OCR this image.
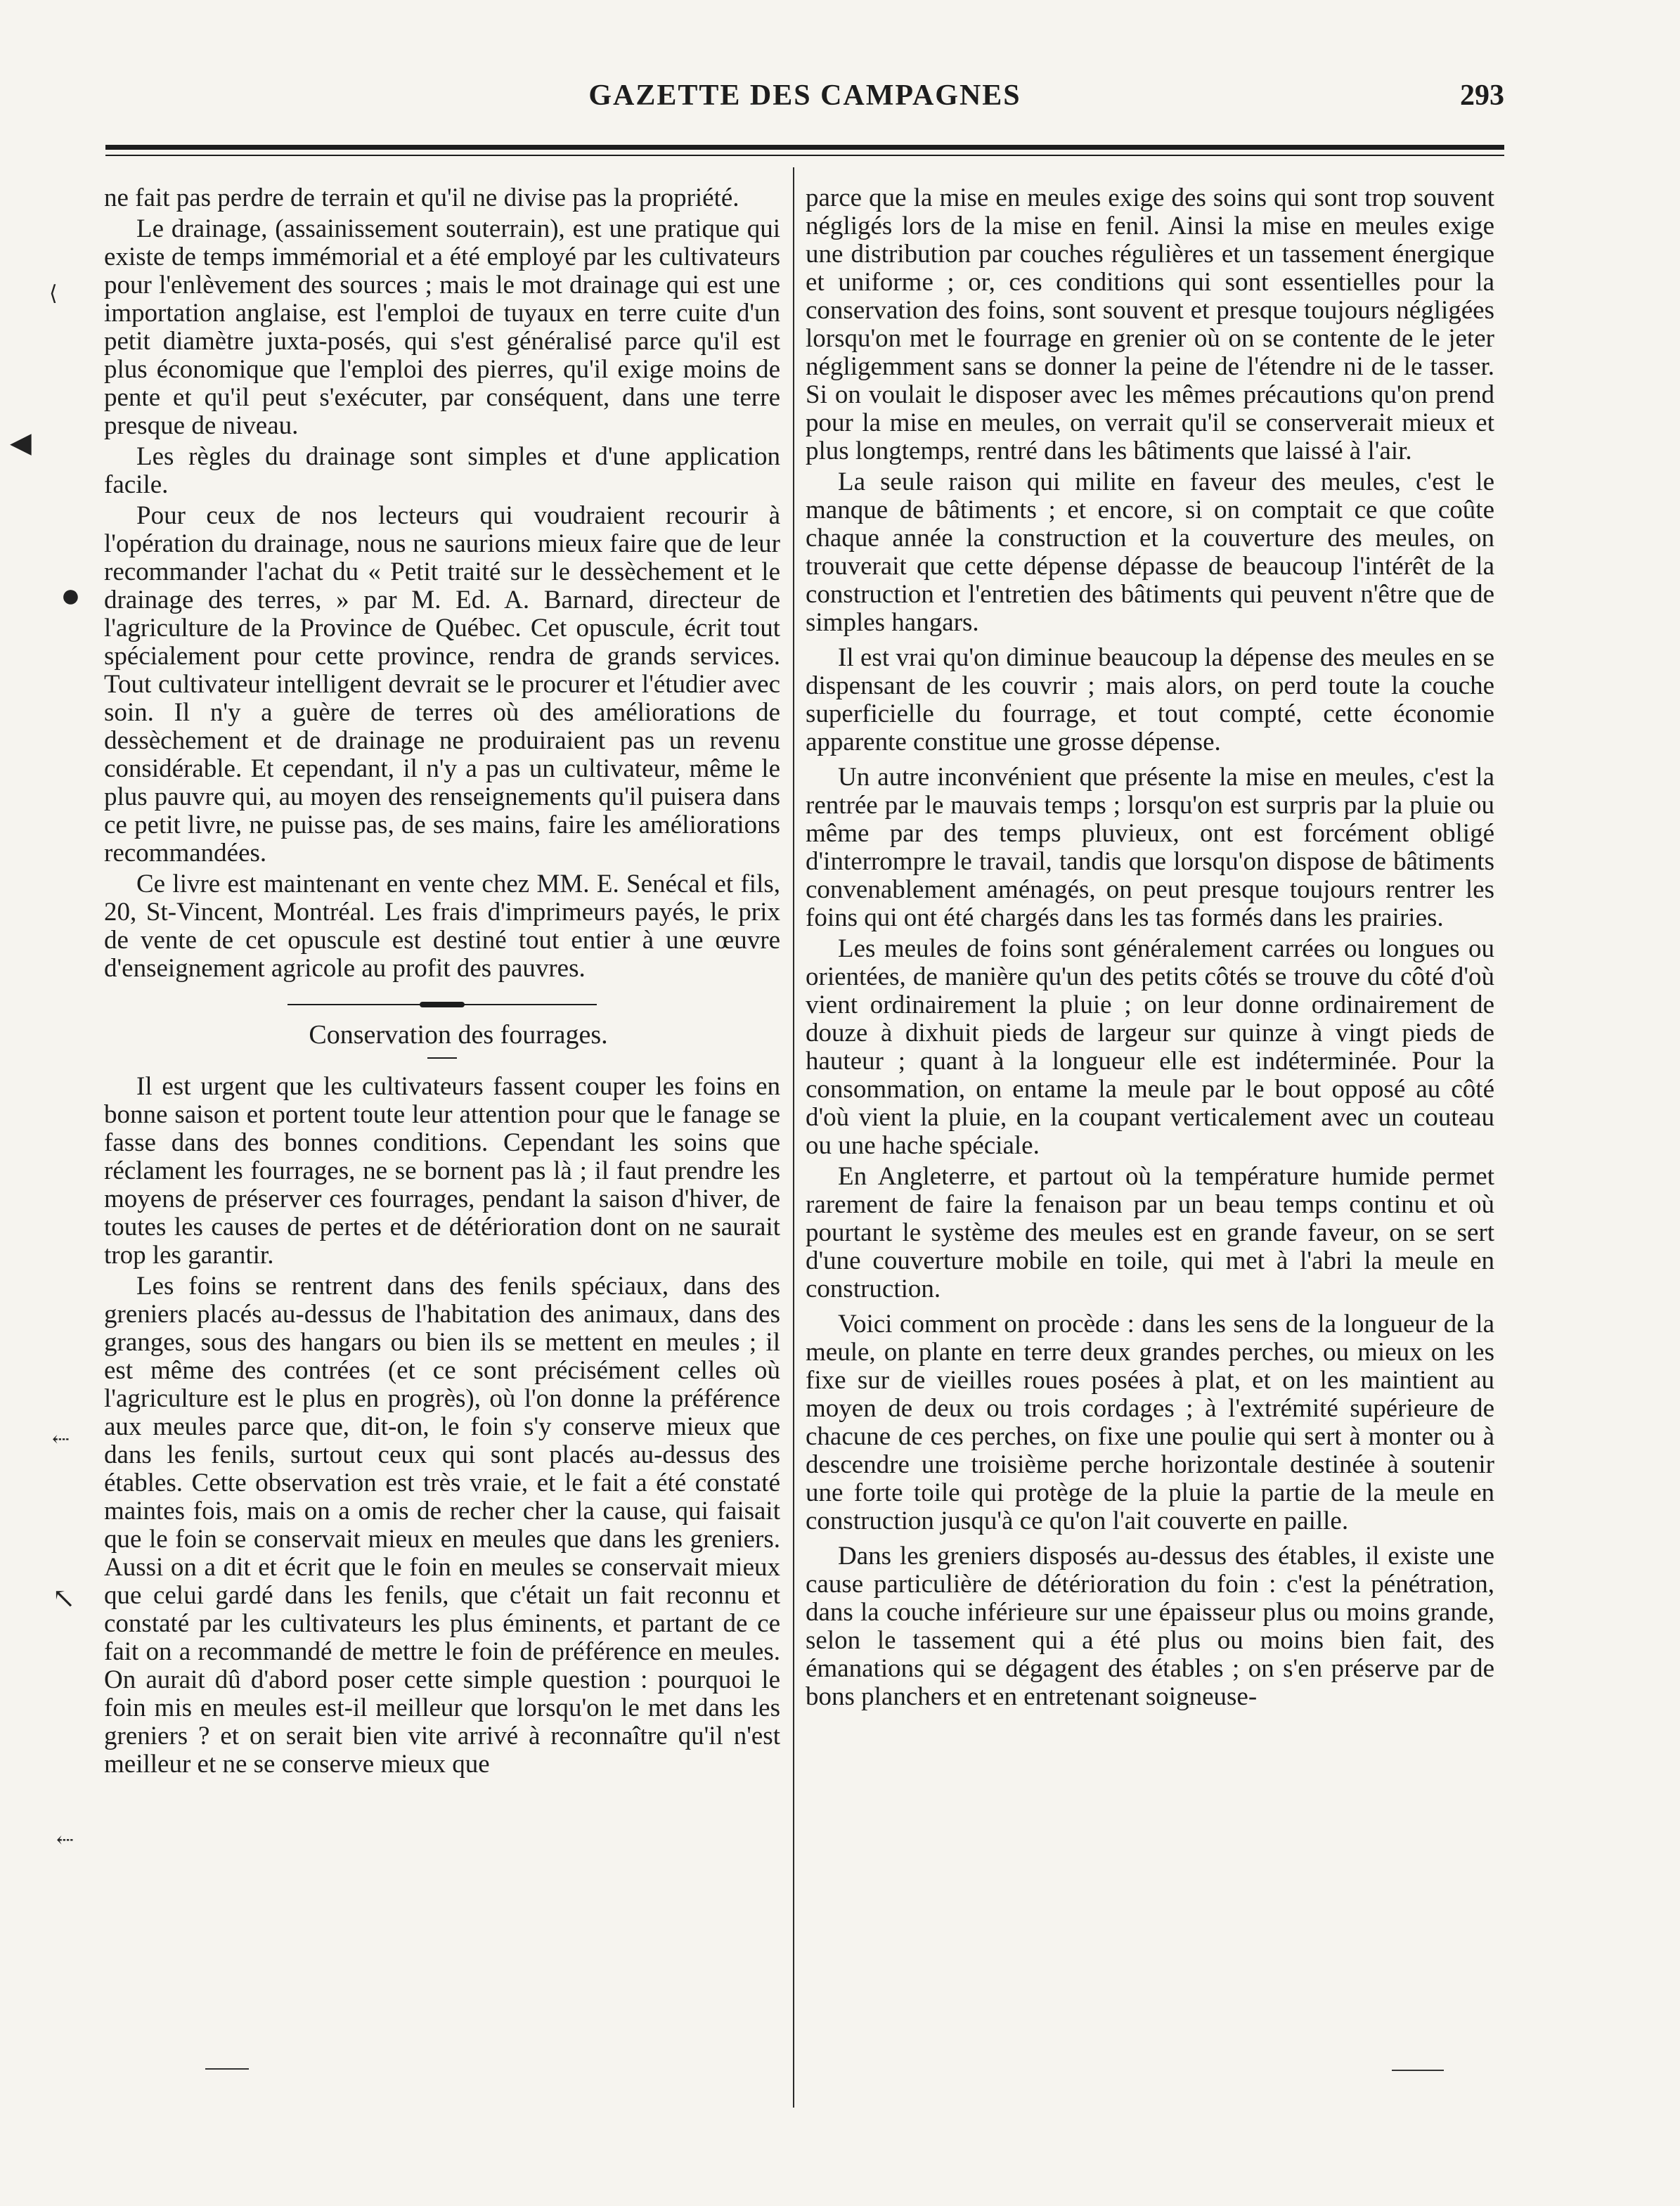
GAZETTE DES CAMPAGNES	293

ne fait pas perdre de terrain et qu'il ne divise pas la propriété.

Le drainage, (assainissement souterrain), est une pratique qui existe de temps immémorial et a été employé par les cultivateurs pour l'enlèvement des sources ; mais le mot drainage qui est une importation anglaise, est l'emploi de tuyaux en terre cuite d'un petit diamètre juxta-posés, qui s'est généralisé parce qu'il est plus économique que l'emploi des pierres, qu'il exige moins de pente et qu'il peut s'exécuter, par conséquent, dans une terre presque de niveau.

Les règles du drainage sont simples et d'une application facile.

Pour ceux de nos lecteurs qui voudraient recourir à l'opération du drainage, nous ne saurions mieux faire que de leur recommander l'achat du « Petit traité sur le dessèchement et le drainage des terres, » par M. Ed. A. Barnard, directeur de l'agriculture de la Province de Québec. Cet opuscule, écrit tout spécialement pour cette province, rendra de grands services. Tout cultivateur intelligent devrait se le procurer et l'étudier avec soin. Il n'y a guère de terres où des améliorations de dessèchement et de drainage ne produiraient pas un revenu considérable. Et cependant, il n'y a pas un cultivateur, même le plus pauvre qui, au moyen des renseignements qu'il puisera dans ce petit livre, ne puisse pas, de ses mains, faire les améliorations recommandées.

Ce livre est maintenant en vente chez MM. E. Senécal et fils, 20, St-Vincent, Montréal. Les frais d'imprimeurs payés, le prix de vente de cet opuscule est destiné tout entier à une œuvre d'enseignement agricole au profit des pauvres.

Conservation des fourrages.

Il est urgent que les cultivateurs fassent couper les foins en bonne saison et portent toute leur attention pour que le fanage se fasse dans des bonnes conditions. Cependant les soins que réclament les fourrages, ne se bornent pas là ; il faut prendre les moyens de préserver ces fourrages, pendant la saison d'hiver, de toutes les causes de pertes et de détérioration dont on ne saurait trop les garantir.

Les foins se rentrent dans des fenils spéciaux, dans des greniers placés au-dessus de l'habitation des animaux, dans des granges, sous des hangars ou bien ils se mettent en meules ; il est même des contrées (et ce sont précisément celles où l'agriculture est le plus en progrès), où l'on donne la préférence aux meules parce que, dit-on, le foin s'y conserve mieux que dans les fenils, surtout ceux qui sont placés au-dessus des étables. Cette observation est très vraie, et le fait a été constaté maintes fois, mais on a omis de recher cher la cause, qui faisait que le foin se conservait mieux en meules que dans les greniers. Aussi on a dit et écrit que le foin en meules se conservait mieux que celui gardé dans les fenils, que c'était un fait reconnu et constaté par les cultivateurs les plus éminents, et partant de ce fait on a recommandé de mettre le foin de préférence en meules. On aurait dû d'abord poser cette simple question : pourquoi le foin mis en meules est-il meilleur que lorsqu'on le met dans les greniers ? et on serait bien vite arrivé à reconnaître qu'il n'est meilleur et ne se conserve mieux que

parce que la mise en meules exige des soins qui sont trop souvent négligés lors de la mise en fenil. Ainsi la mise en meules exige une distribution par couches régulières et un tassement énergique et uniforme ; or, ces conditions qui sont essentielles pour la conservation des foins, sont souvent et presque toujours négligées lorsqu'on met le fourrage en grenier où on se contente de le jeter négligemment sans se donner la peine de l'étendre ni de le tasser. Si on voulait le disposer avec les mêmes précautions qu'on prend pour la mise en meules, on verrait qu'il se conserverait mieux et plus longtemps, rentré dans les bâtiments que laissé à l'air.

La seule raison qui milite en faveur des meules, c'est le manque de bâtiments ; et encore, si on comptait ce que coûte chaque année la construction et la couverture des meules, on trouverait que cette dépense dépasse de beaucoup l'intérêt de la construction et l'entretien des bâtiments qui peuvent n'être que de simples hangars.

Il est vrai qu'on diminue beaucoup la dépense des meules en se dispensant de les couvrir ; mais alors, on perd toute la couche superficielle du fourrage, et tout compté, cette économie apparente constitue une grosse dépense.

Un autre inconvénient que présente la mise en meules, c'est la rentrée par le mauvais temps ; lorsqu'on est surpris par la pluie ou même par des temps pluvieux, ont est forcément obligé d'interrompre le travail, tandis que lorsqu'on dispose de bâtiments convenablement aménagés, on peut presque toujours rentrer les foins qui ont été chargés dans les tas formés dans les prairies.

Les meules de foins sont généralement carrées ou longues ou orientées, de manière qu'un des petits côtés se trouve du côté d'où vient ordinairement la pluie ; on leur donne ordinairement de douze à dixhuit pieds de largeur sur quinze à vingt pieds de hauteur ; quant à la longueur elle est indéterminée. Pour la consommation, on entame la meule par le bout opposé au côté d'où vient la pluie, en la coupant verticalement avec un couteau ou une hache spéciale.

En Angleterre, et partout où la température humide permet rarement de faire la fenaison par un beau temps continu et où pourtant le système des meules est en grande faveur, on se sert d'une couverture mobile en toile, qui met à l'abri la meule en construction.

Voici comment on procède : dans les sens de la longueur de la meule, on plante en terre deux grandes perches, ou mieux on les fixe sur de vieilles roues posées à plat, et on les maintient au moyen de deux ou trois cordages ; à l'extrémité supérieure de chacune de ces perches, on fixe une poulie qui sert à monter ou à descendre une troisième perche horizontale destinée à soutenir une forte toile qui protège de la pluie la partie de la meule en construction jusqu'à ce qu'on l'ait couverte en paille.

Dans les greniers disposés au-dessus des étables, il existe une cause particulière de détérioration du foin : c'est la pénétration, dans la couche inférieure sur une épaisseur plus ou moins grande, selon le tassement qui a été plus ou moins bien fait, des émanations qui se dégagent des étables ; on s'en préserve par de bons planchers et en entretenant soigneuse-

⟨
◀
●
⇠
↖
⇠
